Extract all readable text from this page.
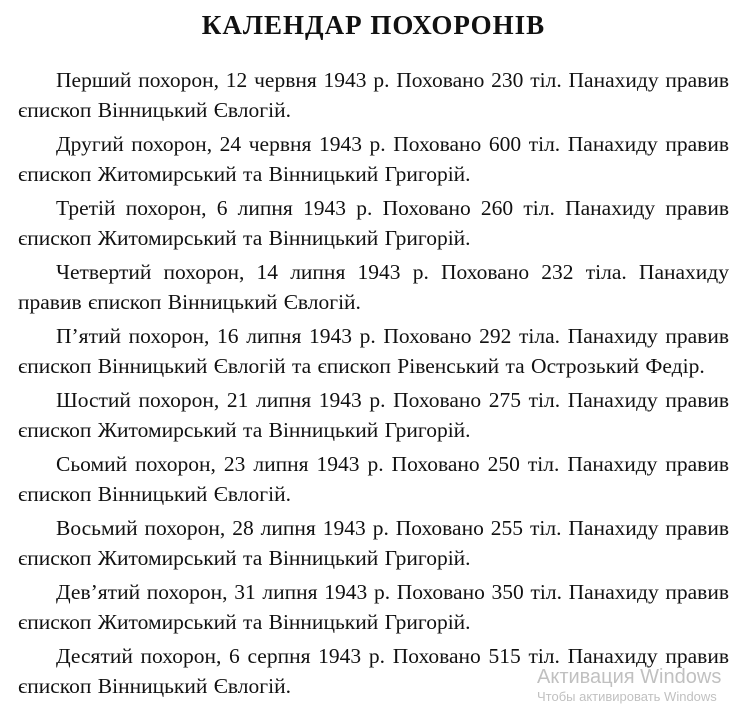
КАЛЕНДАР ПОХОРОНІВ

Перший похорон, 12 червня 1943 р. Поховано 230 тіл. Панахиду правив єпископ Вінницький Євлогій.

Другий похорон, 24 червня 1943 р. Поховано 600 тіл. Панахиду правив єпископ Житомирський та Вінницький Григорій.

Третій похорон, 6 липня 1943 р. Поховано 260 тіл. Панахиду правив єпископ Житомирський та Вінницький Григорій.

Четвертий похорон, 14 липня 1943 р. Поховано 232 тіла. Панахиду правив єпископ Вінницький Євлогій.

П’ятий похорон, 16 липня 1943 р. Поховано 292 тіла. Панахиду правив єпископ Вінницький Євлогій та єпископ Рівенський та Острозький Федір.

Шостий похорон, 21 липня 1943 р. Поховано 275 тіл. Панахиду правив єпископ Житомирський та Вінницький Григорій.

Сьомий похорон, 23 липня 1943 р. Поховано 250 тіл. Панахиду правив єпископ Вінницький Євлогій.

Восьмий похорон, 28 липня 1943 р. Поховано 255 тіл. Панахиду правив єпископ Житомирський та Вінницький Григорій.

Дев’ятий похорон, 31 липня 1943 р. Поховано 350 тіл. Панахиду правив єпископ Житомирський та Вінницький Григорій.

Десятий похорон, 6 серпня 1943 р. Поховано 515 тіл. Панахиду правив єпископ Вінницький Євлогій.	Активация Windows
Чтобы активировать Windows
